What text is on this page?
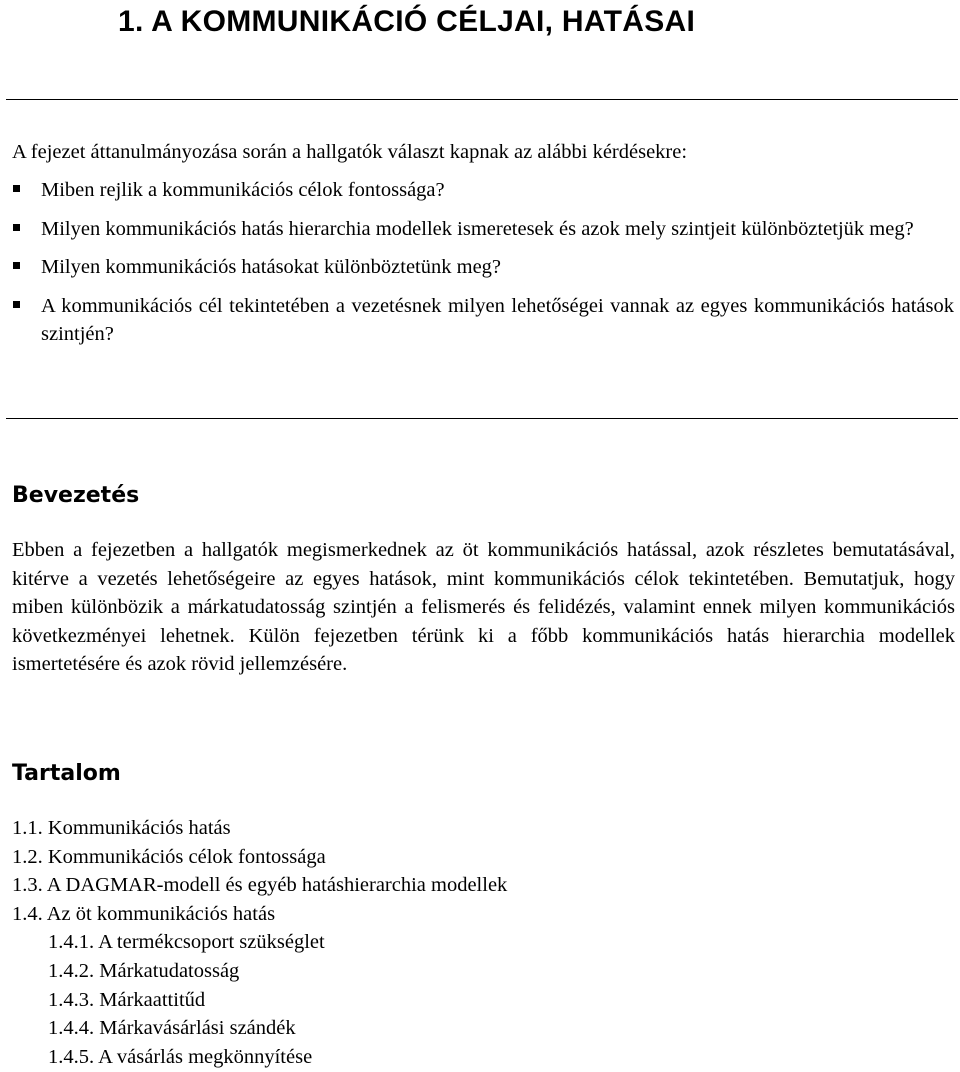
1. A KOMMUNIKÁCIÓ CÉLJAI, HATÁSAI

A fejezet áttanulmányozása során a hallgatók választ kapnak az alábbi kérdésekre:

Miben rejlik a kommunikációs célok fontossága?
Milyen kommunikációs hatás hierarchia modellek ismeretesek és azok mely szintjeit különböztetjük meg?
Milyen kommunikációs hatásokat különböztetünk meg?
A kommunikációs cél tekintetében a vezetésnek milyen lehetőségei vannak az egyes kommunikációs hatások szintjén?
Bevezetés

Ebben a fejezetben a hallgatók megismerkednek az öt kommunikációs hatással, azok részletes bemutatásával, kitérve a vezetés lehetőségeire az egyes hatások, mint kommunikációs célok tekintetében. Bemutatjuk, hogy miben különbözik a márkatudatosság szintjén a felismerés és felidézés, valamint ennek milyen kommunikációs következményei lehetnek. Külön fejezetben térünk ki a főbb kommunikációs hatás hierarchia modellek ismertetésére és azok rövid jellemzésére.

Tartalom
1.1. Kommunikációs hatás
1.2. Kommunikációs célok fontossága
1.3. A DAGMAR-modell és egyéb hatáshierarchia modellek
1.4. Az öt kommunikációs hatás
1.4.1. A termékcsoport szükséglet
1.4.2. Márkatudatosság
1.4.3. Márkaattitűd
1.4.4. Márkavásárlási szándék
1.4.5. A vásárlás megkönnyítése
